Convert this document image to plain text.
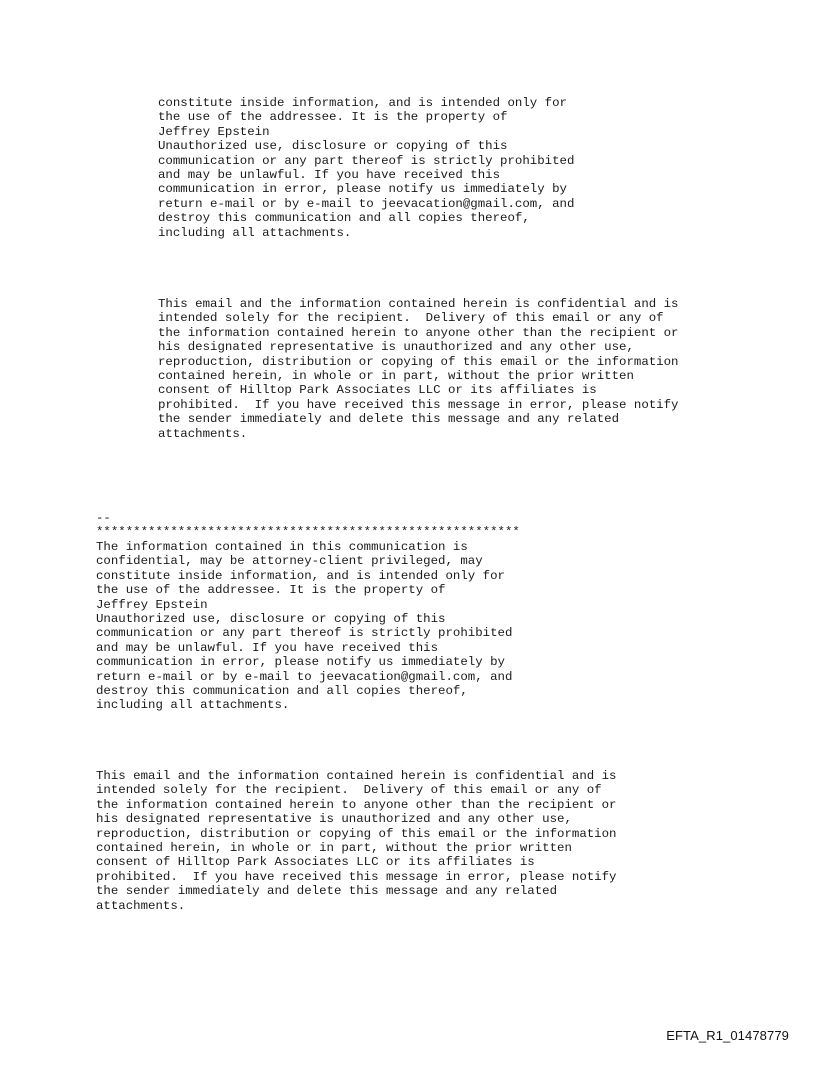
constitute inside information, and is intended only for
the use of the addressee. It is the property of
Jeffrey Epstein
Unauthorized use, disclosure or copying of this
communication or any part thereof is strictly prohibited
and may be unlawful. If you have received this
communication in error, please notify us immediately by
return e-mail or by e-mail to jeevacation@gmail.com, and
destroy this communication and all copies thereof,
including all attachments.
This email and the information contained herein is confidential and is
intended solely for the recipient.  Delivery of this email or any of
the information contained herein to anyone other than the recipient or
his designated representative is unauthorized and any other use,
reproduction, distribution or copying of this email or the information
contained herein, in whole or in part, without the prior written
consent of Hilltop Park Associates LLC or its affiliates is
prohibited.  If you have received this message in error, please notify
the sender immediately and delete this message and any related
attachments.
--
*********************************************************
The information contained in this communication is
confidential, may be attorney-client privileged, may
constitute inside information, and is intended only for
the use of the addressee. It is the property of
Jeffrey Epstein
Unauthorized use, disclosure or copying of this
communication or any part thereof is strictly prohibited
and may be unlawful. If you have received this
communication in error, please notify us immediately by
return e-mail or by e-mail to jeevacation@gmail.com, and
destroy this communication and all copies thereof,
including all attachments.
This email and the information contained herein is confidential and is
intended solely for the recipient.  Delivery of this email or any of
the information contained herein to anyone other than the recipient or
his designated representative is unauthorized and any other use,
reproduction, distribution or copying of this email or the information
contained herein, in whole or in part, without the prior written
consent of Hilltop Park Associates LLC or its affiliates is
prohibited.  If you have received this message in error, please notify
the sender immediately and delete this message and any related
attachments.
EFTA_R1_01478779
